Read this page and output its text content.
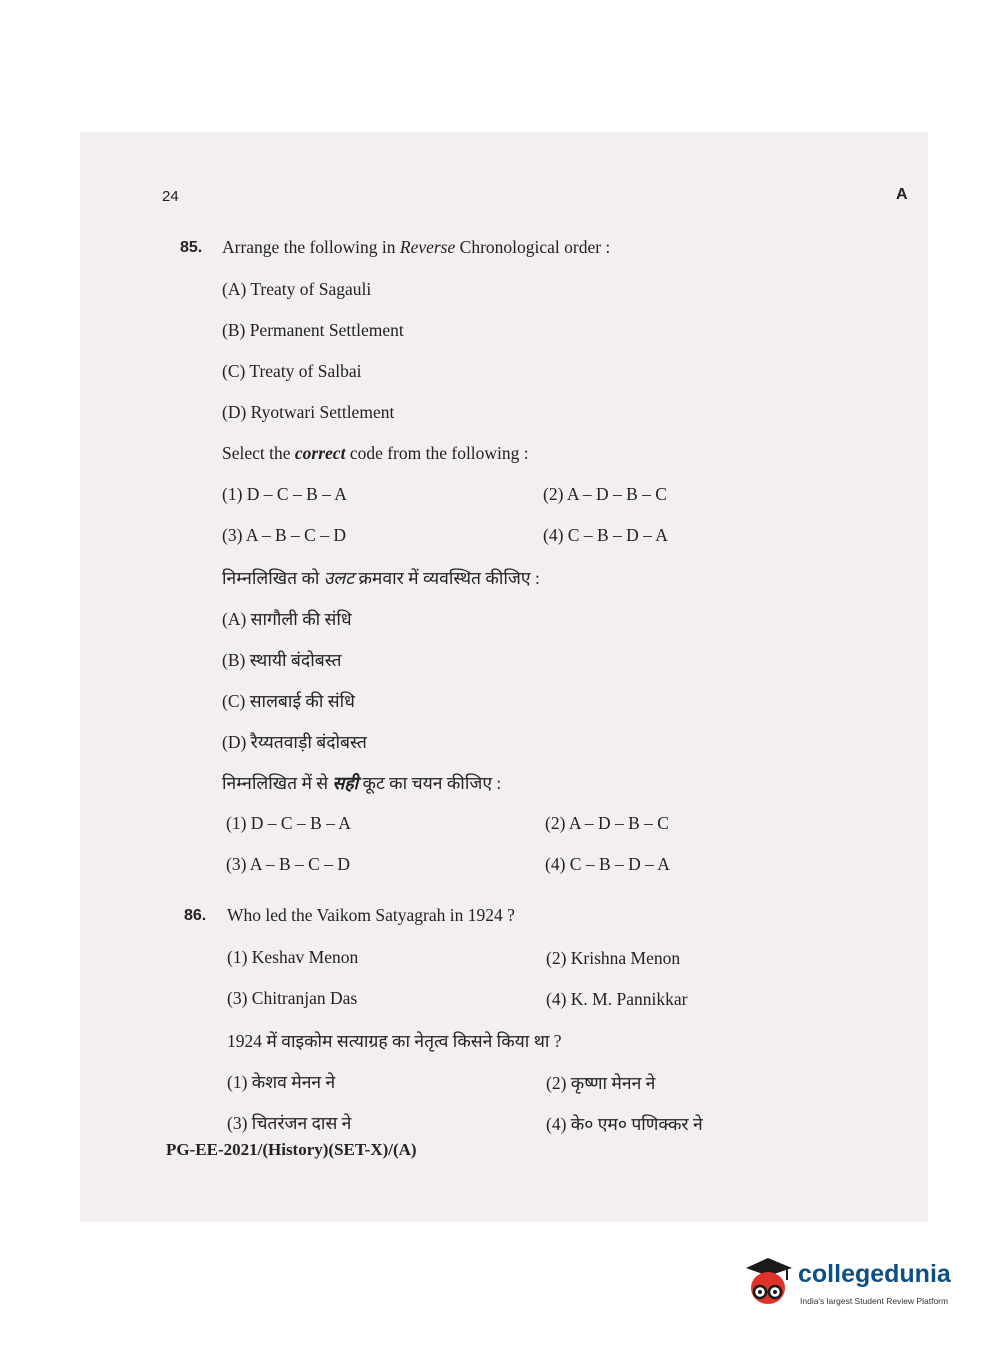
24	A
85. Arrange the following in Reverse Chronological order :
(A) Treaty of Sagauli
(B) Permanent Settlement
(C) Treaty of Salbai
(D) Ryotwari Settlement
Select the correct code from the following :
(1) D – C – B – A	(2) A – D – B – C
(3) A – B – C – D	(4) C – B – D – A
निम्नलिखित को उलट क्रमवार में व्यवस्थित कीजिए :
(A) सागौली की संधि
(B) स्थायी बंदोबस्त
(C) सालबाई की संधि
(D) रैय्यतवाड़ी बंदोबस्त
निम्नलिखित में से सही कूट का चयन कीजिए :
(1) D – C – B – A	(2) A – D – B – C
(3) A – B – C – D	(4) C – B – D – A
86. Who led the Vaikom Satyagrah in 1924 ?
(1) Keshav Menon	(2) Krishna Menon
(3) Chitranjan Das	(4) K. M. Pannikkar
1924 में वाइकोम सत्याग्रह का नेतृत्व किसने किया था ?
(1) केशव मेनन ने	(2) कृष्णा मेनन ने
(3) चितरंजन दास ने	(4) के० एम० पणिक्कर ने
PG-EE-2021/(History)(SET-X)/(A)
collegedunia
India's largest Student Review Platform
